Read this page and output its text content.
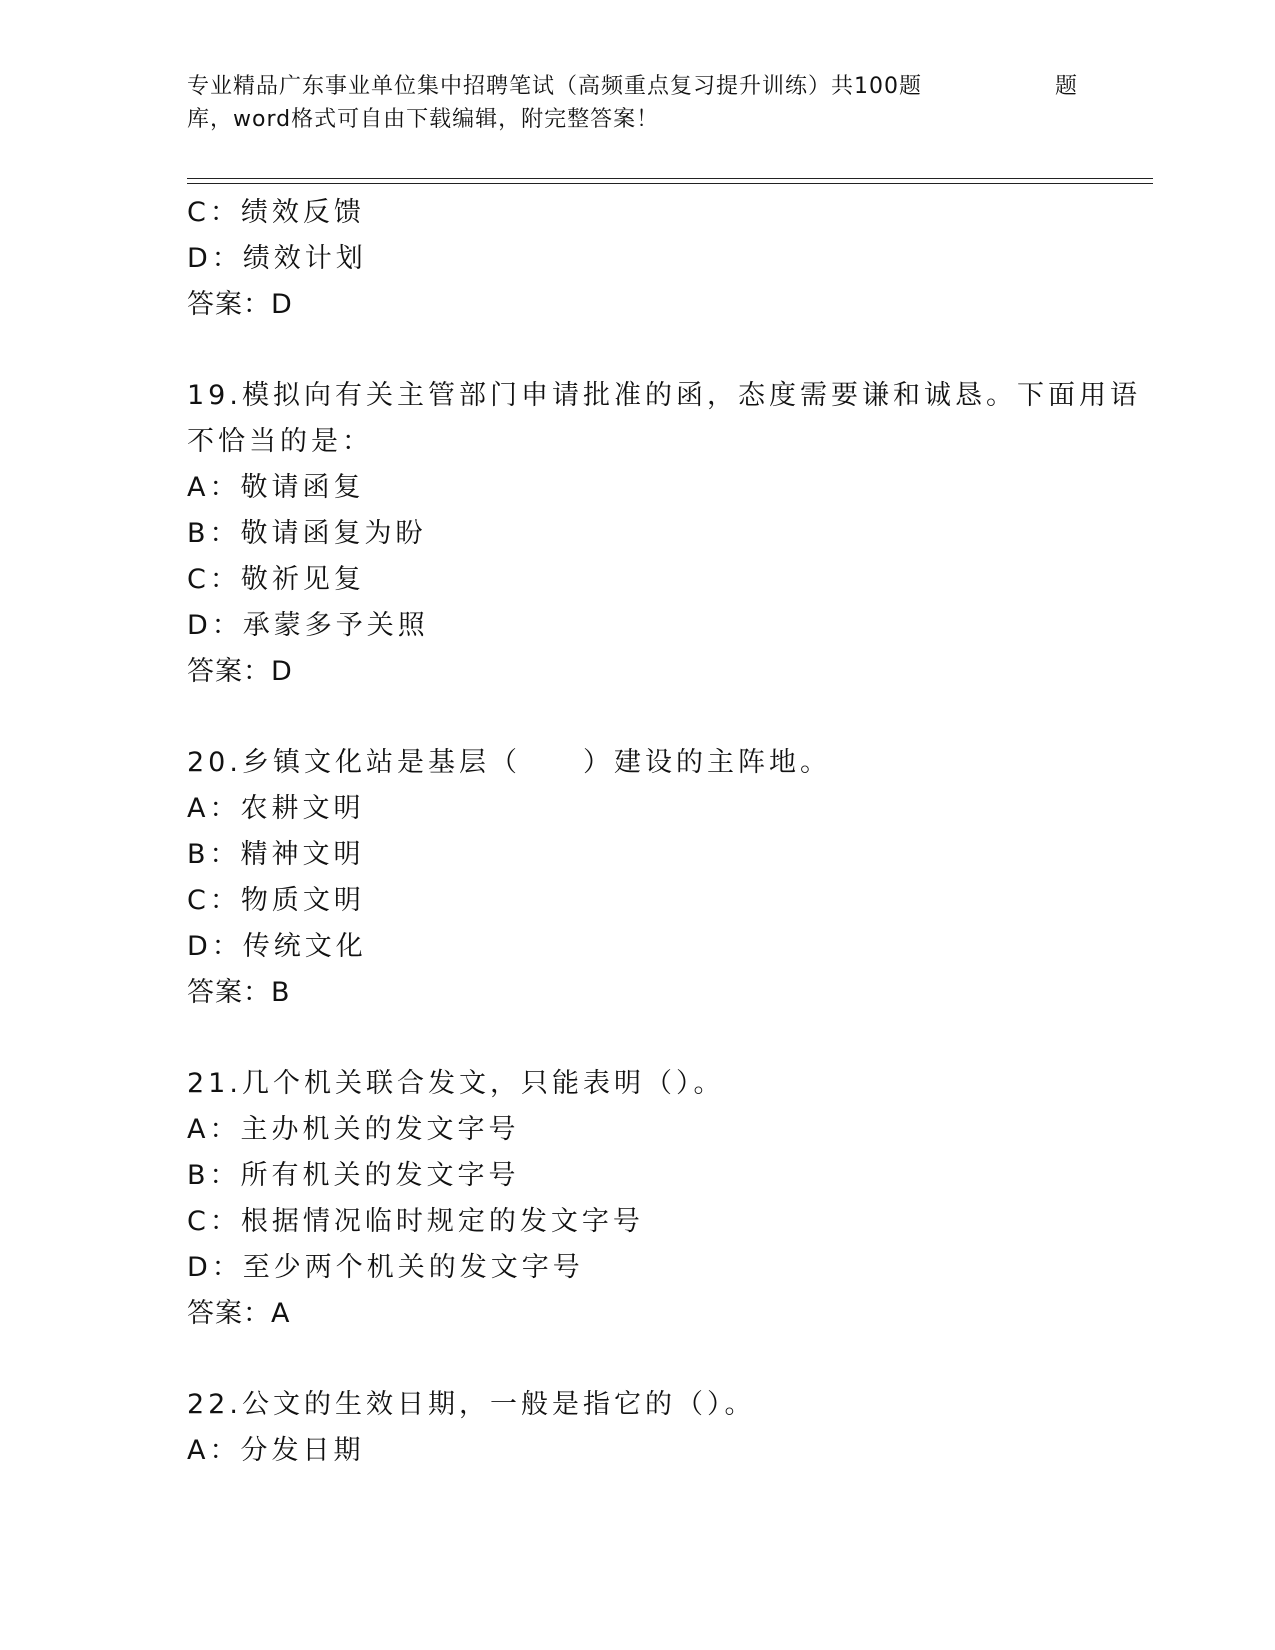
专业精品广东事业单位集中招聘笔试（高频重点复习提升训练）共100题
库，word格式可自由下载编辑，附完整答案！
题
C：绩效反馈
D：绩效计划
答案：D
19.模拟向有关主管部门申请批准的函，态度需要谦和诚恳。下面用语
不恰当的是：
A：敬请函复
B：敬请函复为盼
C：敬祈见复
D：承蒙多予关照
答案：D
20.乡镇文化站是基层（　　）建设的主阵地。
A：农耕文明
B：精神文明
C：物质文明
D：传统文化
答案：B
21.几个机关联合发文，只能表明（）。
A：主办机关的发文字号
B：所有机关的发文字号
C：根据情况临时规定的发文字号
D：至少两个机关的发文字号
答案：A
22.公文的生效日期，一般是指它的（）。
A：分发日期
